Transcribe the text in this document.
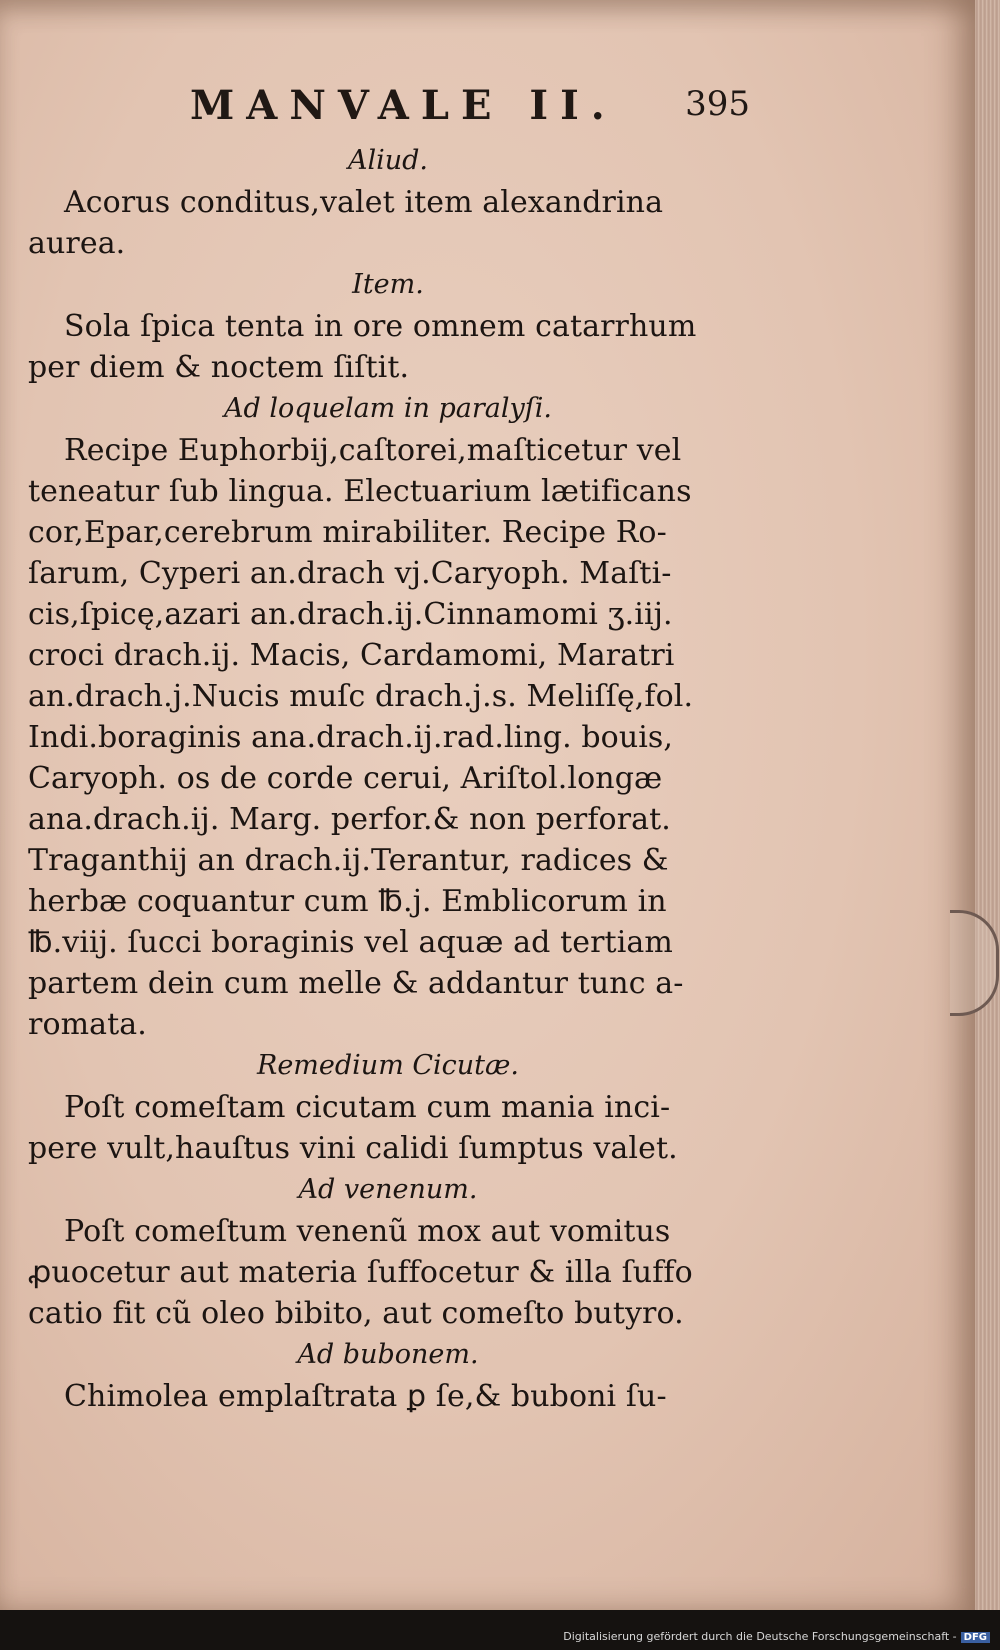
MANVALE II. 395

Aliud.

Acorus conditus,valet item alexandrina

aurea.

Item.

Sola ſpica tenta in ore omnem catarrhum

per diem & noctem ſiſtit.

Ad loquelam in paralyſi.

Recipe Euphorbij,caſtorei,maſticetur vel

teneatur ſub lingua. Electuarium lætificans

cor,Epar,cerebrum mirabiliter. Recipe Ro-

ſarum, Cyperi an.drach vj.Caryoph. Maſti-

cis,ſpicę,azari an.drach.ij.Cinnamomi ʒ.iij.

croci drach.ij. Macis, Cardamomi, Maratri

an.drach.j.Nucis muſc drach.j.s. Meliſſę,fol.

Indi.boraginis ana.drach.ij.rad.ling. bouis,

Caryoph. os de corde cerui, Ariſtol.longæ

ana.drach.ij. Marg. perfor.& non perforat.

Traganthij an drach.ij.Terantur, radices &

herbæ coquantur cum ℔.j. Emblicorum in

℔.viij. ſucci boraginis vel aquæ ad tertiam

partem dein cum melle & addantur tunc a-

romata.

Remedium Cicutæ.

Poſt comeſtam cicutam cum mania inci-

pere vult,hauſtus vini calidi ſumptus valet.

Ad venenum.

Poſt comeſtum venenũ mox aut vomitus

ꝓuocetur aut materia ſuffocetur & illa ſuffo

catio fit cũ oleo bibito, aut comeſto butyro.

Ad bubonem.

Chimolea emplaſtrata ꝑ ſe,& buboni ſu-

Digitalisierung gefördert durch die Deutsche Forschungsgemeinschaft - DFG
